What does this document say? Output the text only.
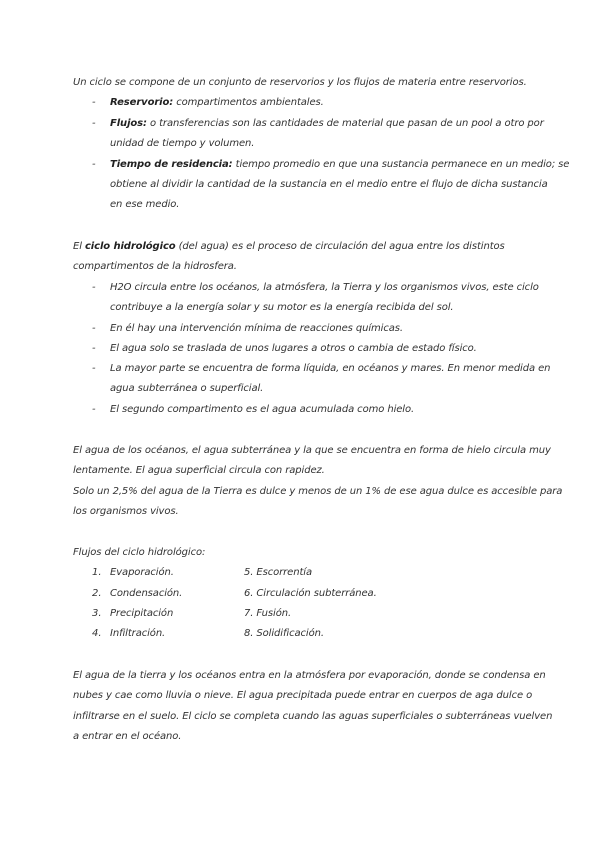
Un ciclo se compone de un conjunto de reservorios y los flujos de materia entre reservorios.
- Reservorio: compartimentos ambientales.
- Flujos: o transferencias son las cantidades de material que pasan de un pool a otro por
unidad de tiempo y volumen.
- Tiempo de residencia: tiempo promedio en que una sustancia permanece en un medio; se
obtiene al dividir la cantidad de la sustancia en el medio entre el flujo de dicha sustancia
en ese medio.
El ciclo hidrológico (del agua) es el proceso de circulación del agua entre los distintos
compartimentos de la hidrosfera.
- H2O circula entre los océanos, la atmósfera, la Tierra y los organismos vivos, este ciclo
contribuye a la energía solar y su motor es la energía recibida del sol.
- En él hay una intervención mínima de reacciones químicas.
- El agua solo se traslada de unos lugares a otros o cambia de estado físico.
- La mayor parte se encuentra de forma líquida, en océanos y mares. En menor medida en
agua subterránea o superficial.
- El segundo compartimento es el agua acumulada como hielo.
El agua de los océanos, el agua subterránea y la que se encuentra en forma de hielo circula muy
lentamente. El agua superficial circula con rapidez.
Solo un 2,5% del agua de la Tierra es dulce y menos de un 1% de ese agua dulce es accesible para
los organismos vivos.
Flujos del ciclo hidrológico:
1. Evaporación.	5. Escorrentía
2. Condensación.	6. Circulación subterránea.
3. Precipitación	7. Fusión.
4. Infiltración.	8. Solidificación.
El agua de la tierra y los océanos entra en la atmósfera por evaporación, donde se condensa en
nubes y cae como lluvia o nieve. El agua precipitada puede entrar en cuerpos de aga dulce o
infiltrarse en el suelo. El ciclo se completa cuando las aguas superficiales o subterráneas vuelven
a entrar en el océano.
